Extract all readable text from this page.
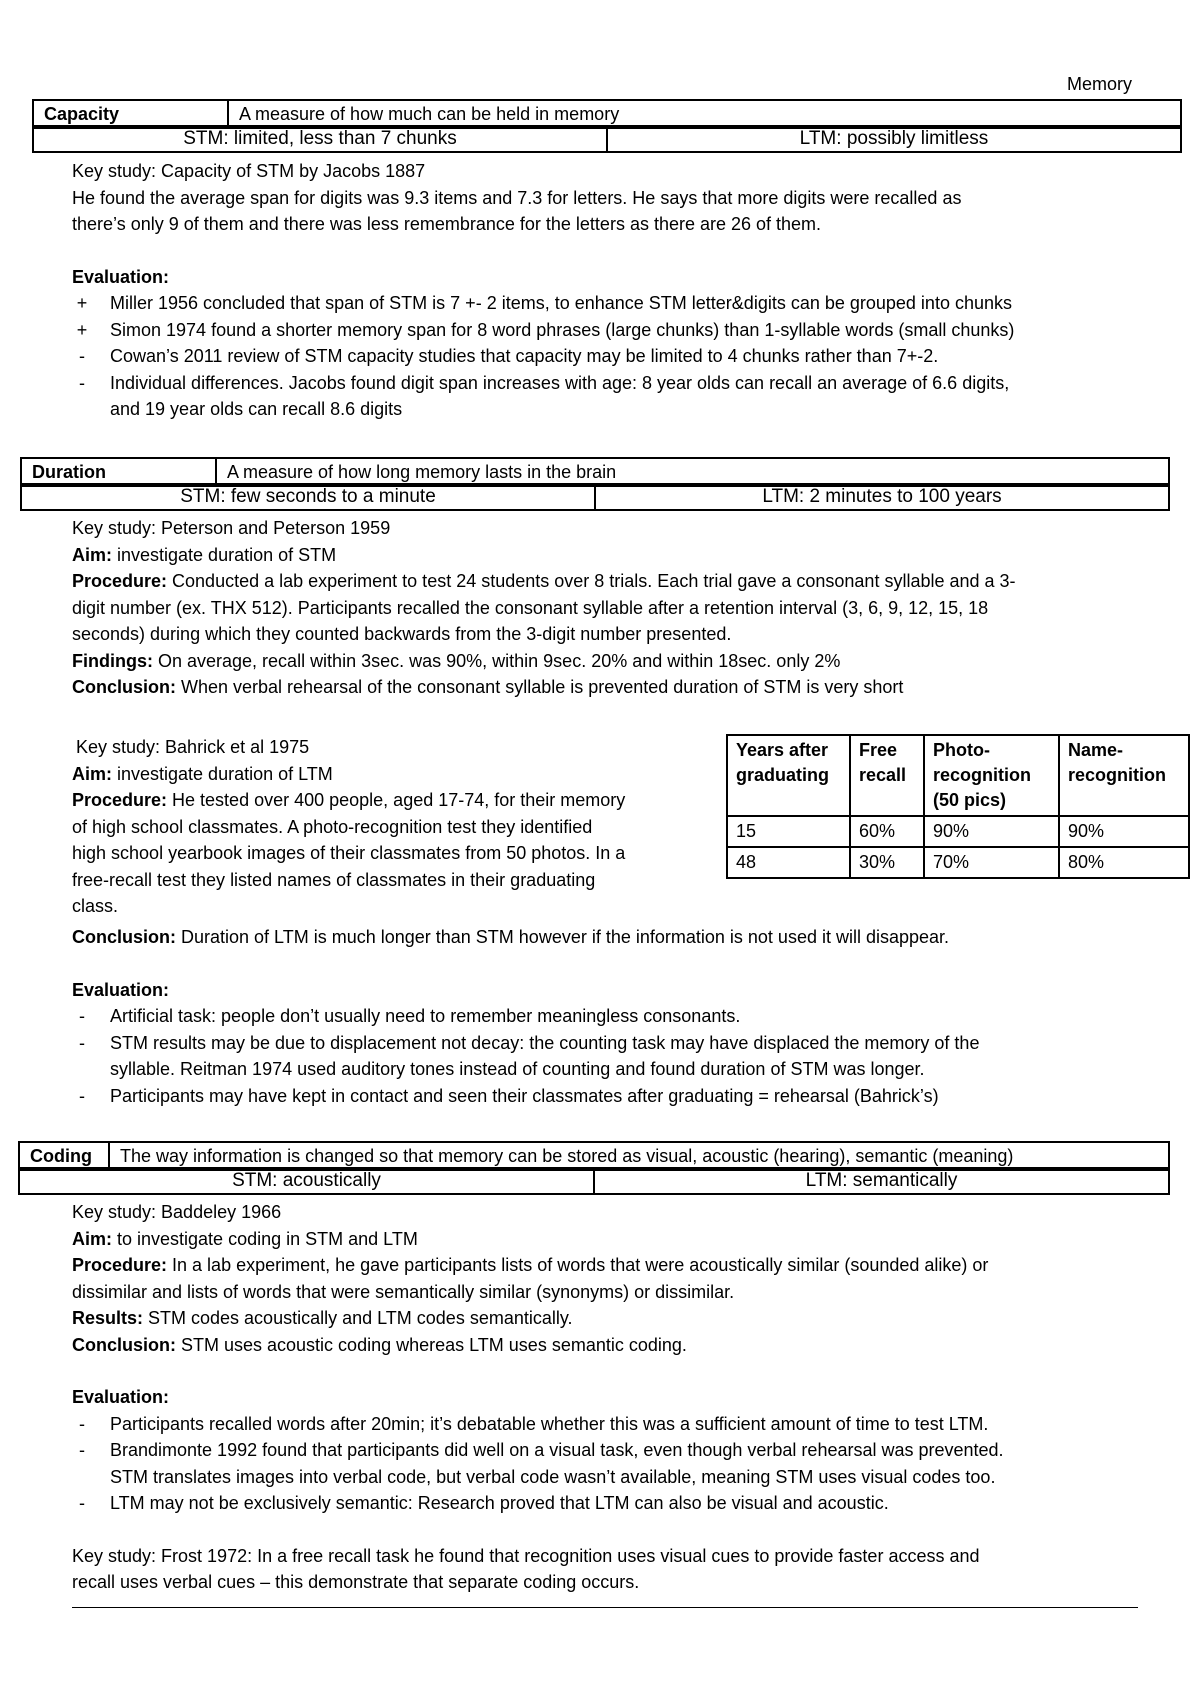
Memory
Capacity	A measure of how much can be held in memory
STM: limited, less than 7 chunks	LTM: possibly limitless

Key study: Capacity of STM by Jacobs 1887

He found the average span for digits was 9.3 items and 7.3 for letters. He says that more digits were recalled as

there’s only 9 of them and there was less remembrance for the letters as there are 26 of them.

Evaluation:

+ Miller 1956 concluded that span of STM is 7 +- 2 items, to enhance STM letter&digits can be grouped into chunks
+ Simon 1974 found a shorter memory span for 8 word phrases (large chunks) than 1-syllable words (small chunks)
-	Cowan’s 2011 review of STM capacity studies that capacity may be limited to 4 chunks rather than 7+-2.
-	Individual differences. Jacobs found digit span increases with age: 8 year olds can recall an average of 6.6 digits,
and 19 year olds can recall 8.6 digits
Duration	A measure of how long memory lasts in the brain
STM: few seconds to a minute	LTM: 2 minutes to 100 years

Key study: Peterson and Peterson 1959

Aim: investigate duration of STM

Procedure: Conducted a lab experiment to test 24 students over 8 trials. Each trial gave a consonant syllable and a 3-

digit number (ex. THX 512). Participants recalled the consonant syllable after a retention interval (3, 6, 9, 12, 15, 18

seconds) during which they counted backwards from the 3-digit number presented.

Findings: On average, recall within 3sec. was 90%, within 9sec. 20% and within 18sec. only 2%

Conclusion: When verbal rehearsal of the consonant syllable is prevented duration of STM is very short

Key study: Bahrick et al 1975

Aim: investigate duration of LTM

Procedure: He tested over 400 people, aged 17-74, for their memory

of high school classmates. A photo-recognition test they identified

high school yearbook images of their classmates from 50 photos. In a

free-recall test they listed names of classmates in their graduating

class.

Years after graduating	Free recall	Photo-recognition (50 pics)	Name-recognition
15	60%	90%	90%
48	30%	70%	80%

Conclusion: Duration of LTM is much longer than STM however if the information is not used it will disappear.

Evaluation:

-	Artificial task: people don’t usually need to remember meaningless consonants.
-	STM results may be due to displacement not decay: the counting task may have displaced the memory of the
syllable. Reitman 1974 used auditory tones instead of counting and found duration of STM was longer.
-	Participants may have kept in contact and seen their classmates after graduating = rehearsal (Bahrick’s)
Coding	The way information is changed so that memory can be stored as visual, acoustic (hearing), semantic (meaning)
STM: acoustically	LTM: semantically

Key study: Baddeley 1966

Aim: to investigate coding in STM and LTM

Procedure: In a lab experiment, he gave participants lists of words that were acoustically similar (sounded alike) or

dissimilar and lists of words that were semantically similar (synonyms) or dissimilar.

Results: STM codes acoustically and LTM codes semantically.

Conclusion: STM uses acoustic coding whereas LTM uses semantic coding.

Evaluation:

-	Participants recalled words after 20min; it’s debatable whether this was a sufficient amount of time to test LTM.
-	Brandimonte 1992 found that participants did well on a visual task, even though verbal rehearsal was prevented.
STM translates images into verbal code, but verbal code wasn’t available, meaning STM uses visual codes too.
-	LTM may not be exclusively semantic: Research proved that LTM can also be visual and acoustic.

Key study: Frost 1972: In a free recall task he found that recognition uses visual cues to provide faster access and

recall uses verbal cues – this demonstrate that separate coding occurs.
